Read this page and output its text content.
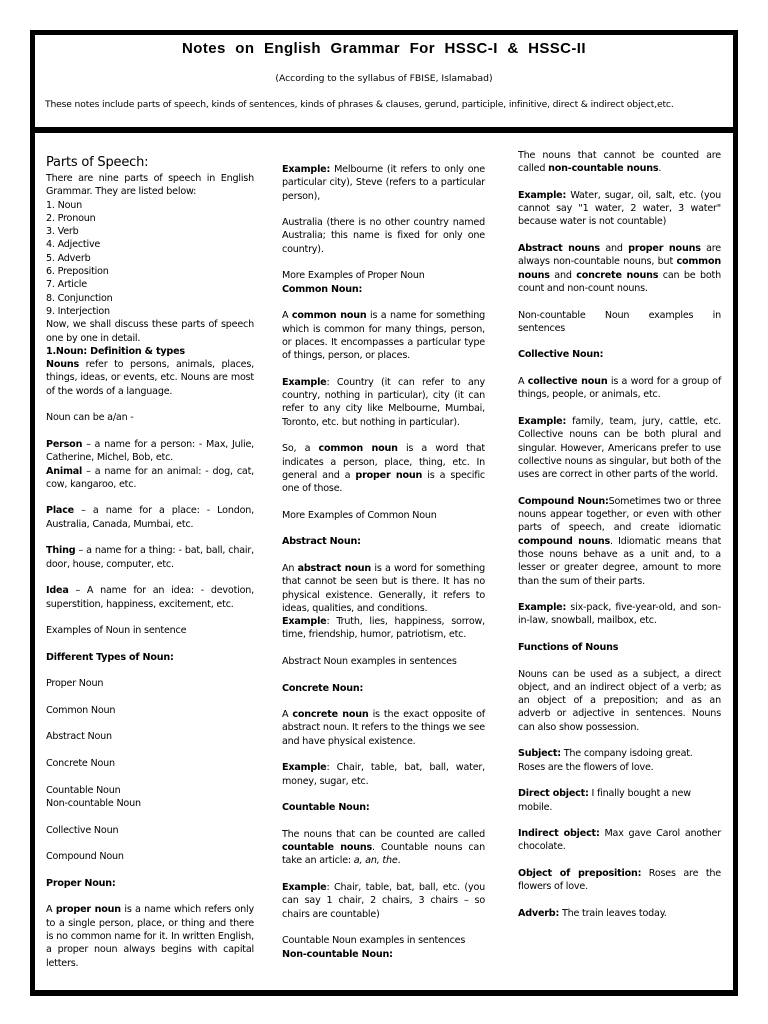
Notes on English Grammar For HSSC-I & HSSC-II
(According to the syllabus of FBISE, Islamabad)
These notes include parts of speech, kinds of sentences, kinds of phrases & clauses, gerund, participle, infinitive, direct & indirect object,etc.
Parts of Speech:

There are nine parts of speech in English Grammar. They are listed below:

1. Noun
2. Pronoun
3. Verb
4. Adjective
5. Adverb
6. Preposition
7. Article
8. Conjunction
9. Interjection

Now, we shall discuss these parts of speech one by one in detail.

1.Noun: Definition & types

Nouns refer to persons, animals, places, things, ideas, or events, etc. Nouns are most of the words of a language.

Noun can be a/an -

Person – a name for a person: - Max, Julie, Catherine, Michel, Bob, etc.

Animal – a name for an animal: - dog, cat, cow, kangaroo, etc.

Place – a name for a place: - London, Australia, Canada, Mumbai, etc.

Thing – a name for a thing: - bat, ball, chair, door, house, computer, etc.

Idea – A name for an idea: - devotion, superstition, happiness, excitement, etc.

Examples of Noun in sentence

Different Types of Noun:

Proper Noun

Common Noun

Abstract Noun

Concrete Noun

Countable Noun

Non-countable Noun

Collective Noun

Compound Noun

Proper Noun:

A proper noun is a name which refers only to a single person, place, or thing and there is no common name for it. In written English, a proper noun always begins with capital letters.

Example: Melbourne (it refers to only one particular city), Steve (refers to a particular person),

Australia (there is no other country named Australia; this name is fixed for only one country).

More Examples of Proper Noun

Common Noun:

A common noun is a name for something which is common for many things, person, or places. It encompasses a particular type of things, person, or places.

Example: Country (it can refer to any country, nothing in particular), city (it can refer to any city like Melbourne, Mumbai, Toronto, etc. but nothing in particular).

So, a common noun is a word that indicates a person, place, thing, etc. In general and a proper noun is a specific one of those.

More Examples of Common Noun

Abstract Noun:

An abstract noun is a word for something that cannot be seen but is there. It has no physical existence. Generally, it refers to ideas, qualities, and conditions.

Example: Truth, lies, happiness, sorrow, time, friendship, humor, patriotism, etc.

Abstract Noun examples in sentences

Concrete Noun:

A concrete noun is the exact opposite of abstract noun. It refers to the things we see and have physical existence.

Example: Chair, table, bat, ball, water, money, sugar, etc.

Countable Noun:

The nouns that can be counted are called countable nouns. Countable nouns can take an article: a, an, the.

Example: Chair, table, bat, ball, etc. (you can say 1 chair, 2 chairs, 3 chairs – so chairs are countable)

Countable Noun examples in sentences
Non-countable Noun:

The nouns that cannot be counted are called non-countable nouns.

Example: Water, sugar, oil, salt, etc. (you cannot say "1 water, 2 water, 3 water" because water is not countable)

Abstract nouns and proper nouns are always non-countable nouns, but common nouns and concrete nouns can be both count and non-count nouns.

Non-countable Noun examples in sentences

Collective Noun:

A collective noun is a word for a group of things, people, or animals, etc.

Example: family, team, jury, cattle, etc. Collective nouns can be both plural and singular. However, Americans prefer to use collective nouns as singular, but both of the uses are correct in other parts of the world.

Compound Noun:Sometimes two or three nouns appear together, or even with other parts of speech, and create idiomatic compound nouns. Idiomatic means that those nouns behave as a unit and, to a lesser or greater degree, amount to more than the sum of their parts.

Example: six-pack, five-year-old, and son-in-law, snowball, mailbox, etc.

Functions of Nouns

Nouns can be used as a subject, a direct object, and an indirect object of a verb; as an object of a preposition; and as an adverb or adjective in sentences. Nouns can also show possession.

Subject: The company isdoing great. Roses are the flowers of love.

Direct object: I finally bought a new mobile.

Indirect object: Max gave Carol another chocolate.

Object of preposition: Roses are the flowers of love.

Adverb: The train leaves today.
